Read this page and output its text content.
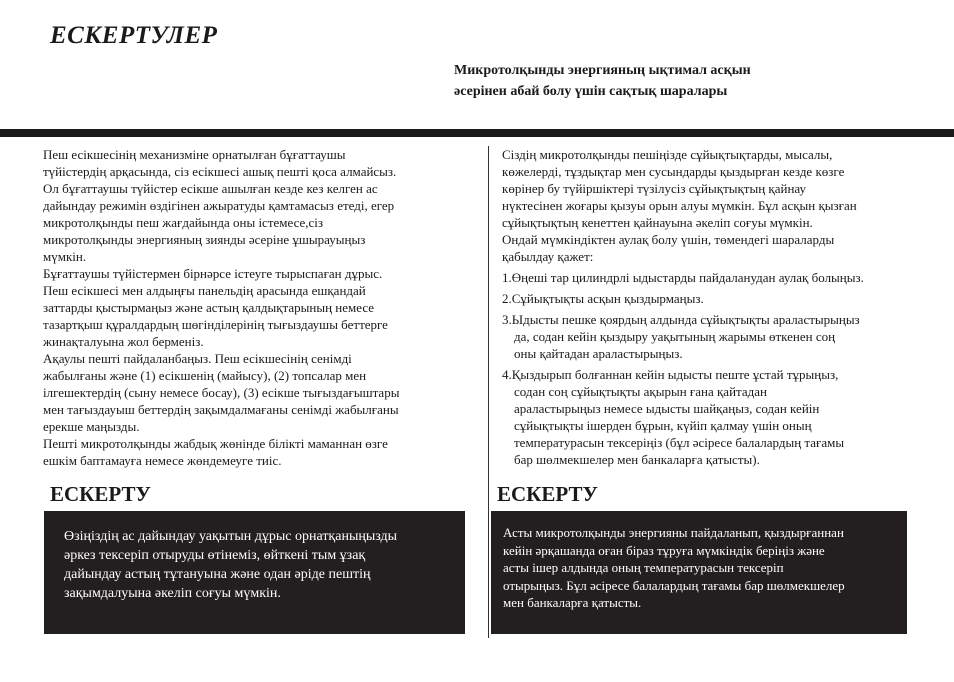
ЕСКЕРТУЛЕР
Микротолқынды энергияның ықтимал асқын
әсерінен абай болу үшін сақтық шаралары
Пеш есікшесінің механизміне орнатылған бұғаттаушы
түйістердің арқасында, сіз есікшесі ашық пешті қоса алмайсыз.
Ол бұғаттаушы түйістер есікше ашылған кезде кез келген ас
дайындау режимін өздігінен ажыратуды қамтамасыз етеді, егер
микротолқынды пеш жағдайында оны істемесе,сіз
микротолқынды энергияның зиянды әсеріне ұшырауыңыз
мүмкін.
Бұғаттаушы түйістермен бірнәрсе істеуге тырыспаған дұрыс.
Пеш есікшесі мен алдыңғы панельдің арасында ешқандай
заттарды қыстырмаңыз және астың қалдықтарының немесе
тазартқыш құралдардың шөгінділерінің тығыздаушы беттерге
жинақталуына жол берменіз.
Ақаулы пешті пайдаланбаңыз. Пеш есікшесінің сенімді
жабылғаны және (1) есікшенің (майысу), (2) топсалар мен
ілгешектердің (сыну немесе босау), (3) есікше тығыздағыштары
мен тағыздауыш беттердің зақымдалмағаны сенімді жабылғаны
ерекше маңызды.
Пешті микротолқынды жабдық жөнінде білікті маманнан өзге
ешкім баптамауға немесе жөндемеуге тиіс.
Сіздің микротолқынды пешіңізде сұйықтықтарды, мысалы,
көжелерді, тұздықтар мен сусындарды қыздырған кезде көзге
көрінер бу түйіршіктері түзілусіз сұйықтықтың қайнау
нүктесінен жоғары қызуы орын алуы мүмкін. Бұл асқын қызған
сұйықтықтың кенеттен қайнауына әкеліп соғуы мүмкін.
Ондай мүмкіндіктен аулақ болу үшін, төмендегі шараларды
қабылдау қажет:
1.Өңеші тар цилиндрлі ыдыстарды пайдаланудан аулақ болыңыз.
2.Сұйықтықты асқын қыздырмаңыз.
3.Ыдысты пешке қоярдың алдында сұйықтықты араластырыңыз
да, содан кейін қыздыру уақытының жарымы өткенен соң
оны қайтадан араластырыңыз.
4.Қыздырып болғаннан кейін ыдысты пеште ұстай тұрыңыз,
содан соң сұйықтықты ақырын ғана қайтадан
араластырыңыз немесе ыдысты шайқаңыз, содан кейін
сұйықтықты ішерден бұрын, күйіп қалмау үшін оның
температурасын тексеріңіз (бұл әсіресе балалардың тағамы
бар шөлмекшелер мен банкаларға қатысты).
ЕСКЕРТУ
Өзіңіздің ас дайындау уақытын дұрыс орнатқаныңызды
әркез тексеріп отыруды өтінеміз, өйткені тым ұзақ
дайындау астың тұтануына және одан әріде пештің
зақымдалуына әкеліп соғуы мүмкін.
ЕСКЕРТУ
Асты микротолқынды энергияны пайдаланып, қыздырғаннан
кейін әрқашанда оған біраз тұруға мүмкіндік беріңіз және
асты ішер алдында оның температурасын тексеріп
отырыңыз. Бұл әсіресе балалардың тағамы бар шөлмекшелер
мен банкаларға қатысты.
